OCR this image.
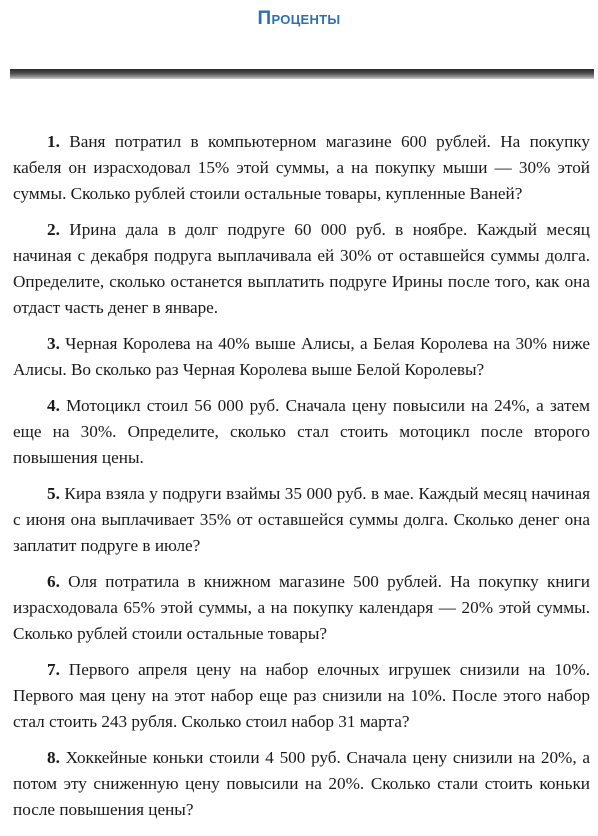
Проценты

1. Ваня потратил в компьютерном магазине 600 рублей. На покупку кабеля он израсходовал 15% этой суммы, а на покупку мыши — 30% этой суммы. Сколько рублей стоили остальные товары, купленные Ваней?

2. Ирина дала в долг подруге 60 000 руб. в ноябре. Каждый месяц начиная с декабря подруга выплачивала ей 30% от оставшейся суммы долга. Определите, сколько останется выплатить подруге Ирины после того, как она отдаст часть денег в январе.

3. Черная Королева на 40% выше Алисы, а Белая Королева на 30% ниже Алисы. Во сколько раз Черная Королева выше Белой Королевы?

4. Мотоцикл стоил 56 000 руб. Сначала цену повысили на 24%, а затем еще на 30%. Определите, сколько стал стоить мотоцикл после второго повышения цены.

5. Кира взяла у подруги взаймы 35 000 руб. в мае. Каждый месяц начиная с июня она выплачивает 35% от оставшейся суммы долга. Сколько денег она заплатит подруге в июле?

6. Оля потратила в книжном магазине 500 рублей. На покупку книги израсходовала 65% этой суммы, а на покупку календаря — 20% этой суммы. Сколько рублей стоили остальные товары?

7. Первого апреля цену на набор елочных игрушек снизили на 10%. Первого мая цену на этот набор еще раз снизили на 10%. После этого набор стал стоить 243 рубля. Сколько стоил набор 31 марта?

8. Хоккейные коньки стоили 4 500 руб. Сначала цену снизили на 20%, а потом эту сниженную цену повысили на 20%. Сколько стали стоить коньки после повышения цены?
